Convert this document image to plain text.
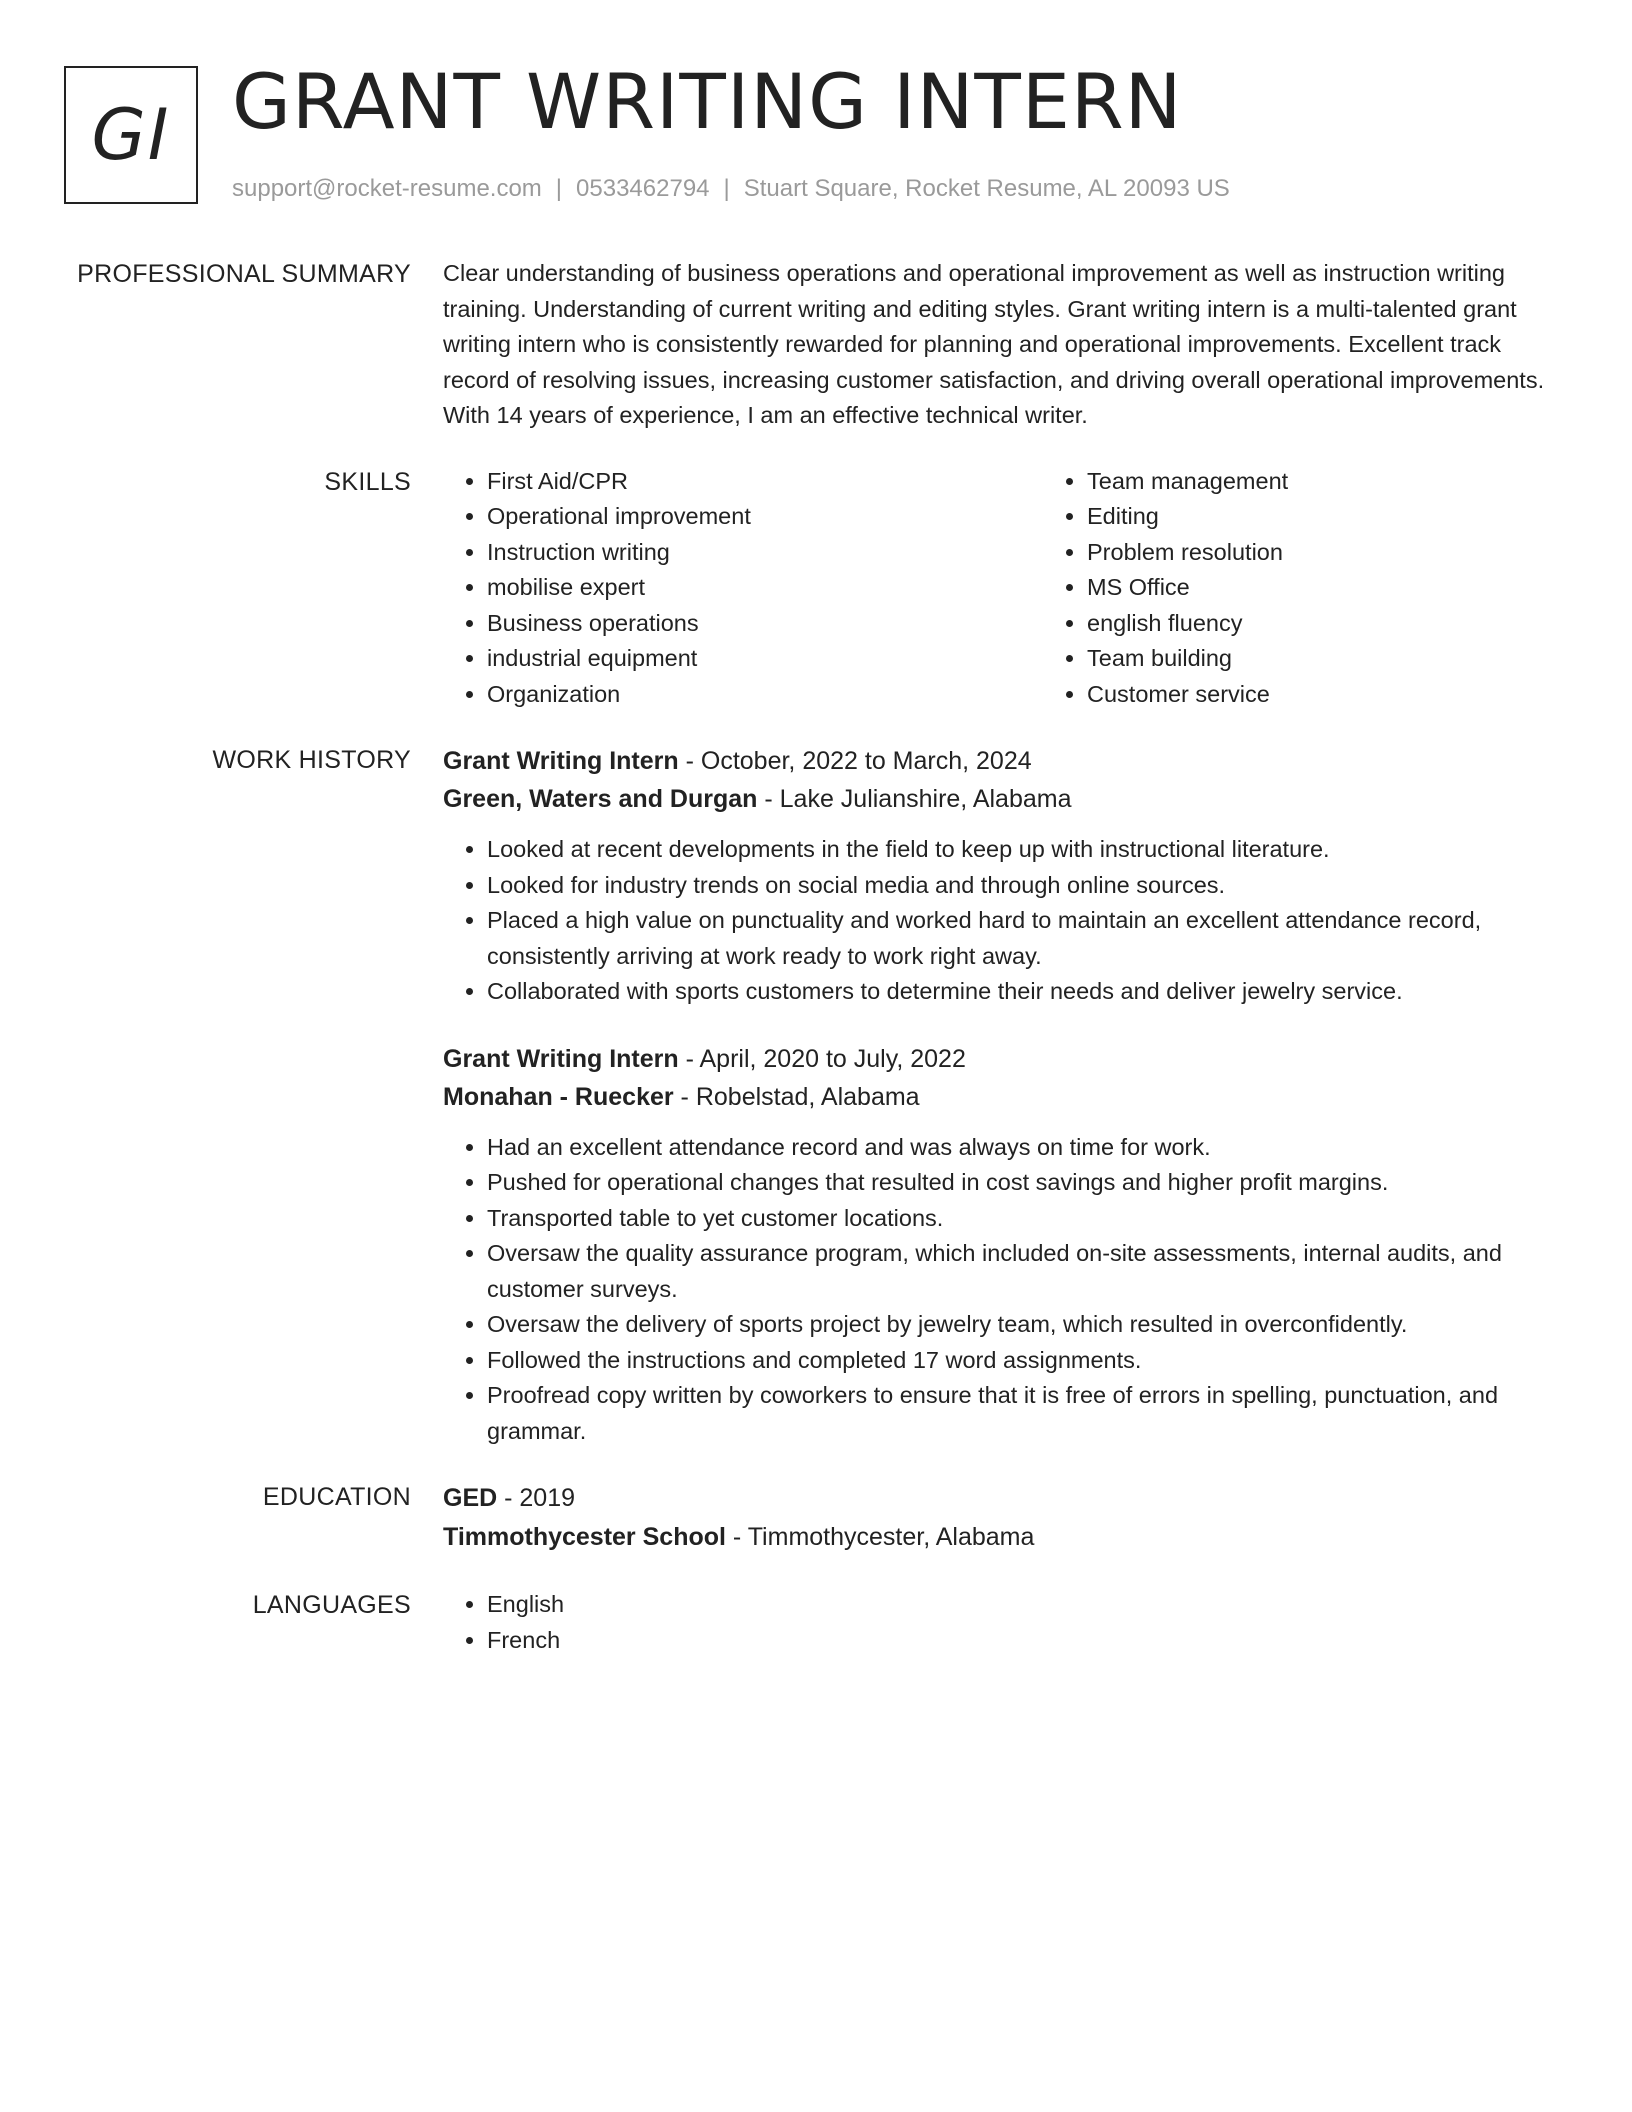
GI GRANT WRITING INTERN
support@rocket-resume.com | 0533462794 | Stuart Square, Rocket Resume, AL 20093 US
PROFESSIONAL SUMMARY Clear understanding of business operations and operational improvement as well as instruction writing training. Understanding of current writing and editing styles. Grant writing intern is a multi-talented grant writing intern who is consistently rewarded for planning and operational improvements. Excellent track record of resolving issues, increasing customer satisfaction, and driving overall operational improvements. With 14 years of experience, I am an effective technical writer.

SKILLS	• First Aid/CPR
• Operational improvement
• Instruction writing
• mobilise expert
• Business operations
• industrial equipment
• Organization
• Team management
• Editing
• Problem resolution
• MS Office
• english fluency
• Team building
• Customer service
WORK HISTORY Grant Writing Intern - October, 2022 to March, 2024
Green, Waters and Durgan - Lake Julianshire, Alabama
• Looked at recent developments in the field to keep up with instructional literature.
• Looked for industry trends on social media and through online sources.
• Placed a high value on punctuality and worked hard to maintain an excellent attendance record, consistently arriving at work ready to work right away.
• Collaborated with sports customers to determine their needs and deliver jewelry service.
Grant Writing Intern - April, 2020 to July, 2022
Monahan - Ruecker - Robelstad, Alabama
• Had an excellent attendance record and was always on time for work.
• Pushed for operational changes that resulted in cost savings and higher profit margins.
• Transported table to yet customer locations.
• Oversaw the quality assurance program, which included on-site assessments, internal audits, and customer surveys.
• Oversaw the delivery of sports project by jewelry team, which resulted in overconfidently.
• Followed the instructions and completed 17 word assignments.
• Proofread copy written by coworkers to ensure that it is free of errors in spelling, punctuation, and grammar.
EDUCATION GED - 2019
Timmothycester School - Timmothycester, Alabama
LANGUAGES	• English
• French
